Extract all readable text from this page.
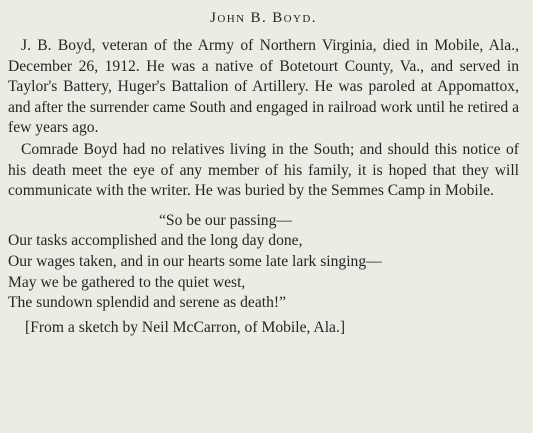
John B. Boyd.

J. B. Boyd, veteran of the Army of Northern Virginia, died in Mobile, Ala., December 26, 1912. He was a native of Botetourt County, Va., and served in Taylor's Battery, Huger's Battalion of Artillery. He was paroled at Appomattox, and after the surrender came South and engaged in railroad work until he retired a few years ago.

Comrade Boyd had no relatives living in the South; and should this notice of his death meet the eye of any member of his family, it is hoped that they will communicate with the writer. He was buried by the Semmes Camp in Mobile.

“So be our passing—
Our tasks accomplished and the long day done,
Our wages taken, and in our hearts some late lark singing—
May we be gathered to the quiet west,
The sundown splendid and serene as death!”
[From a sketch by Neil McCarron, of Mobile, Ala.]
